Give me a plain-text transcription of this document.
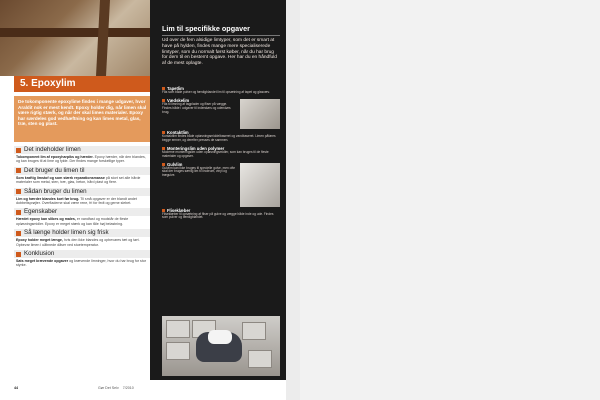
5. Epoxylim
De tokomponente epoxylime findes i mange udgaver, hvor Araldit nok er mest kendt. Epoxy holder dig, når limen skal være rigtig stærk, og når der skal limes materialer. Epoxy har særdeles god vedhæftning og kan limes metal, glas, træ, sten og plast.
Det indeholder limen

Tokomponent lim af epoxyharpiks og hærder. Epoxy hærder, når den blandes, og kan bruges til at lime og fylde. Der findes mange forskellige typer.

Det bruger du limen til

Som kraftig limstof og som stærk reparationsmasse på stort set alle hårde materialer som metal, sten, træ, glas, beton, hård plast og flere.

Sådan bruger du limen

Lim og hærder blandes kort før brug. Til små opgaver er der blandt andet dobbeltsprøjter. Overfladerne skal være rene, fri for fedt og gerne slebet.

Egenskaber

Hærdet epoxy kan slibes og males, er vandfast og modstår de fleste opløsningsmidler. Epoxy er meget stærk og kan tåle høj belastning.

Så længe holder limen sig frisk

Epoxy holder meget længe, hvis den ikke blandes og opbevares tæt og tørt. Opbevar limen i uåbnede dåser ved stuetemperatur.

Konklusion

Sats meget krævende opgaver og krævende limninger, hvor du har brug for stor styrke.

Lim til specifikke opgaver
Ud over de fem alsidige limtyper, som det er smart at have på hylden, findes mange mere specialiserede limtyper, som du normalt først køber, når du har brug for dem til en bestemt opgave. Her har du en håndfuld af de mest oplagte.
Tapetlim

Fås som både pulver og færdigblandet lim til opsætning af tapet og glasvæv.

Vædskelim

Fås til limning af tagplader og fliser på vægge. Findes både i udgaver til indendørs og udendørs brug.

Kontaktlim

Kontaktlim findes både opløsningsmiddelbaseret og vandbaseret. Limen påføres begge emner, og derefter presses de sammen.

Monteringslim uden polymer

Moderne monteringslim uden opløsningsmidler, som kan bruges til de fleste materialer og opgaver.

Gulvlim

Gulvlim kan ikke bruges til specielle gulve, men ofte skal der bruges særlig lim til linoleum, vinyl og trægulve.

Fliseklæber

Fliseklæber til opsætning af fliser på gulve og vægge både inde og ude. Findes som pulver og færdigblandet.

44	Gør Det Selv 7/2010
